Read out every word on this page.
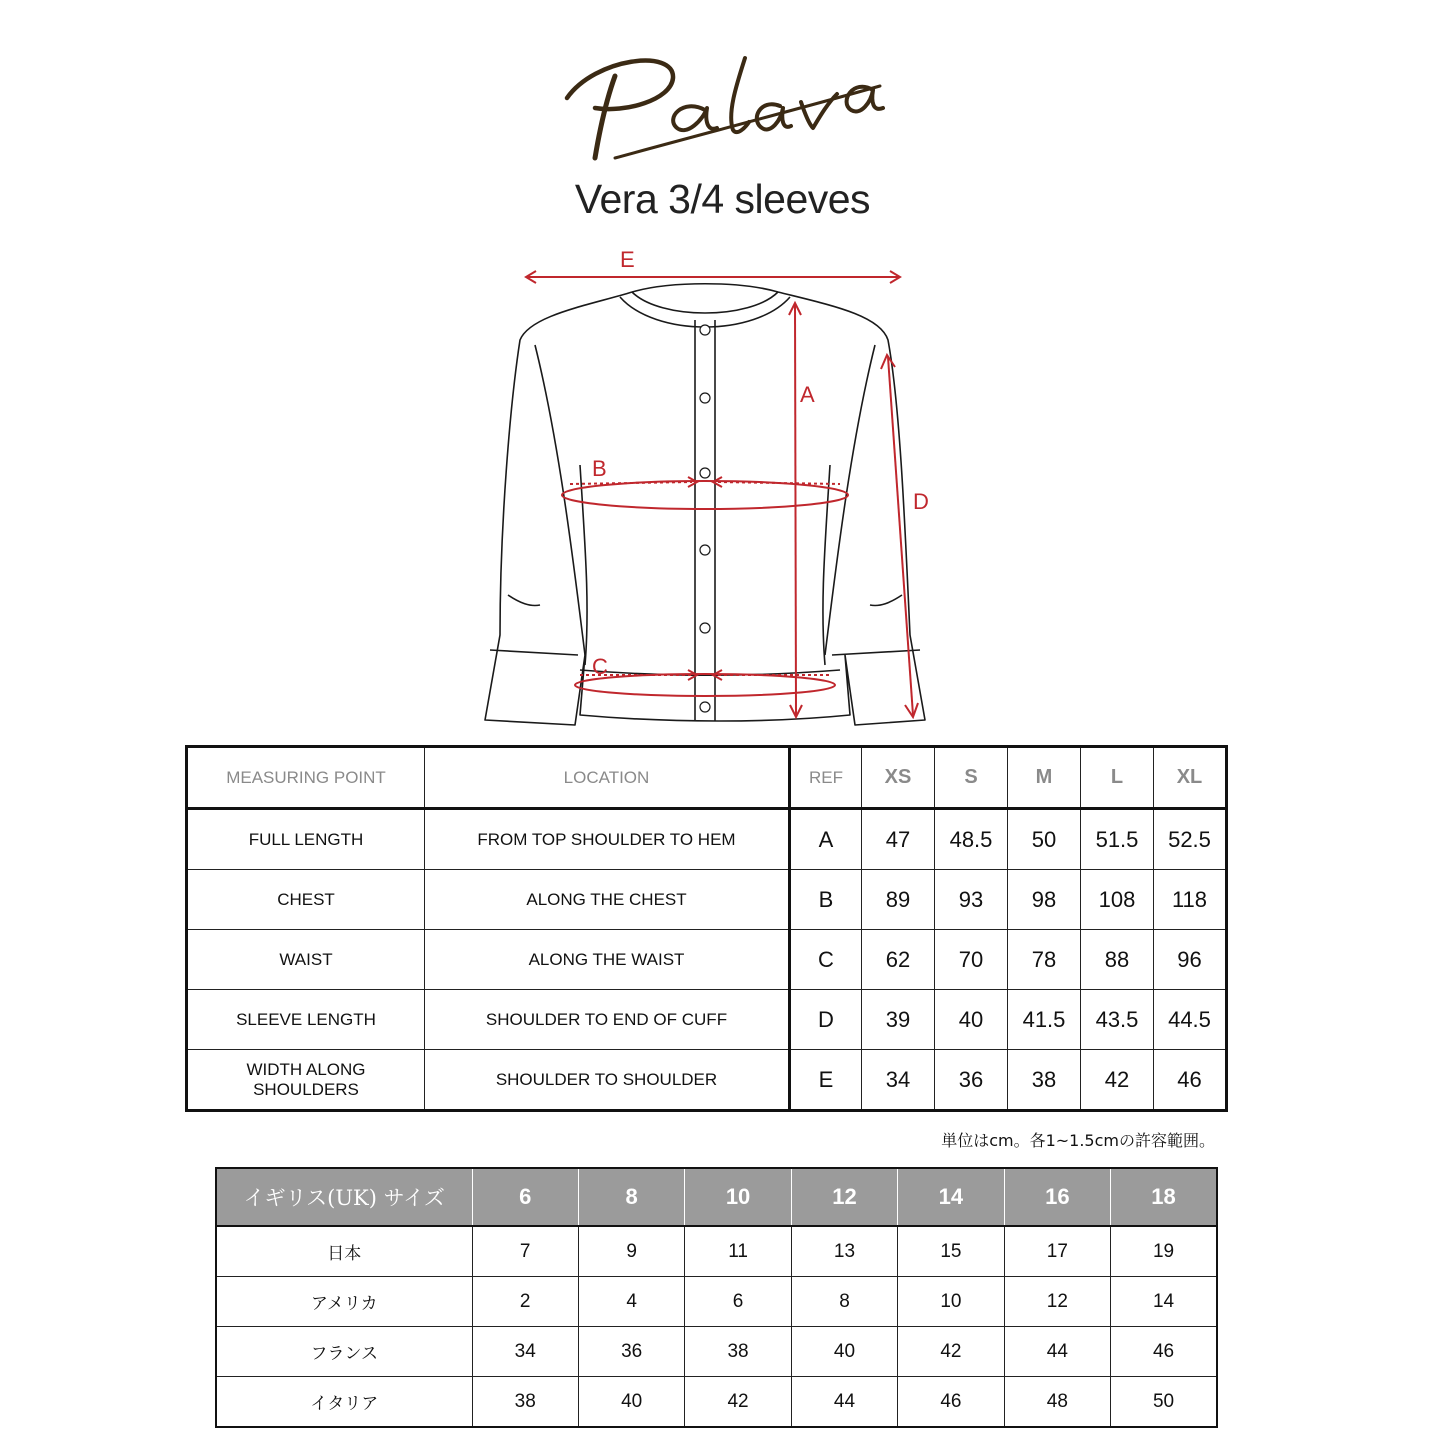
Vera 3/4 sleeves
E
A
B
D
C
MEASURING POINT	LOCATION	REF	XS	S	M	L	XL
FULL LENGTH	FROM TOP SHOULDER TO HEM	A	47	48.5	50	51.5	52.5
CHEST	ALONG THE CHEST	B	89	93	98	108	118
WAIST	ALONG THE WAIST	C	62	70	78	88	96
SLEEVE LENGTH	SHOULDER TO END OF CUFF	D	39	40	41.5	43.5	44.5

WIDTH ALONG
SHOULDERS	SHOULDER TO SHOULDER	E	34	36	38	42	46
単位はcm。各1~1.5cmの許容範囲。
イギリス(UK) サイズ	6	8	10	12	14	16	18
日本	7	9	11	13	15	17	19
アメリカ	2	4	6	8	10	12	14
フランス	34	36	38	40	42	44	46
イタリア	38	40	42	44	46	48	50
